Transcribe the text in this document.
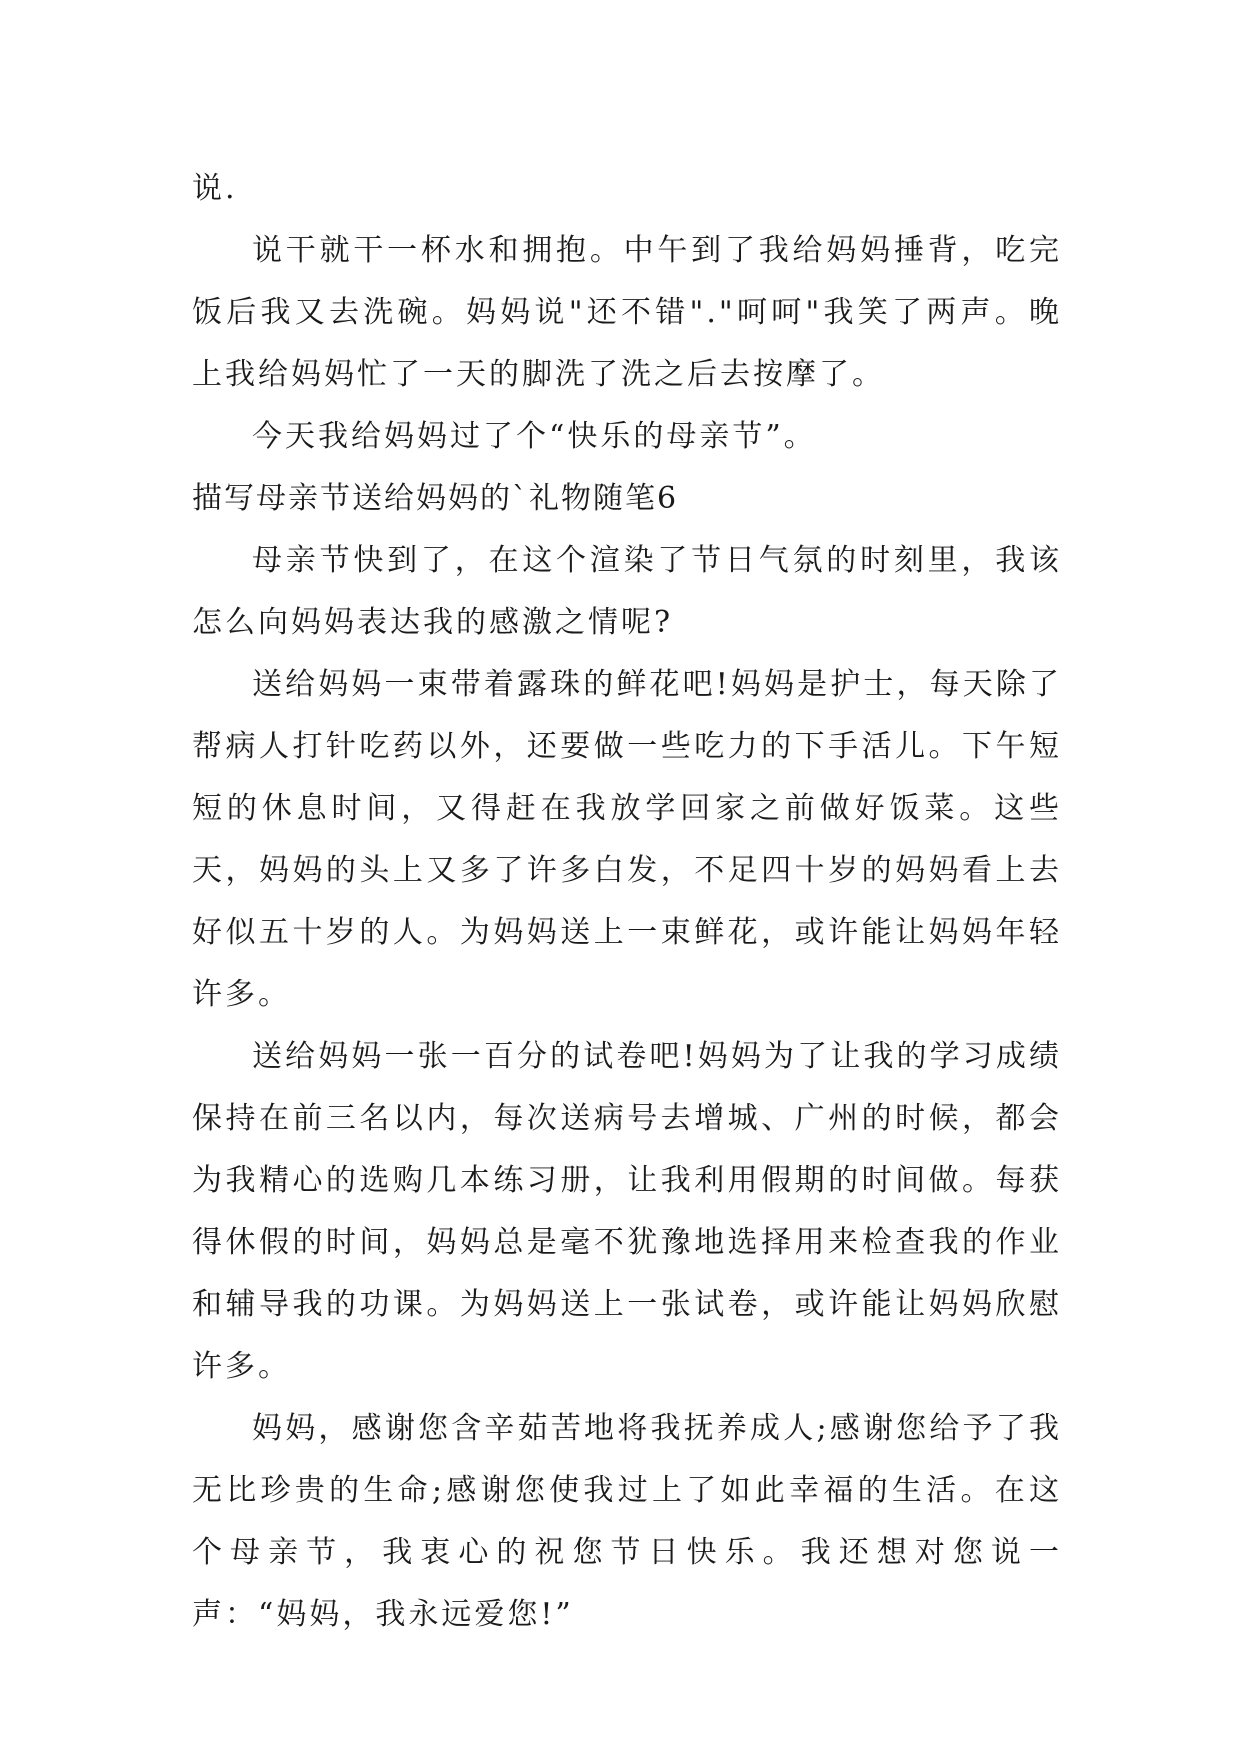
说.

说干就干一杯水和拥抱。中午到了我给妈妈捶背，吃完饭后我又去洗碗。妈妈说"还不错"."呵呵"我笑了两声。晚上我给妈妈忙了一天的脚洗了洗之后去按摩了。

今天我给妈妈过了个“快乐的母亲节”。

描写母亲节送给妈妈的`礼物随笔6

母亲节快到了，在这个渲染了节日气氛的时刻里，我该怎么向妈妈表达我的感激之情呢?

送给妈妈一束带着露珠的鲜花吧!妈妈是护士，每天除了帮病人打针吃药以外，还要做一些吃力的下手活儿。下午短短的休息时间，又得赶在我放学回家之前做好饭菜。这些天，妈妈的头上又多了许多白发，不足四十岁的妈妈看上去好似五十岁的人。为妈妈送上一束鲜花，或许能让妈妈年轻许多。

送给妈妈一张一百分的试卷吧!妈妈为了让我的学习成绩保持在前三名以内，每次送病号去增城、广州的时候，都会为我精心的选购几本练习册，让我利用假期的时间做。每获得休假的时间，妈妈总是毫不犹豫地选择用来检查我的作业和辅导我的功课。为妈妈送上一张试卷，或许能让妈妈欣慰许多。

妈妈，感谢您含辛茹苦地将我抚养成人;感谢您给予了我无比珍贵的生命;感谢您使我过上了如此幸福的生活。在这个母亲节，我衷心的祝您节日快乐。我还想对您说一声：“妈妈，我永远爱您!”
